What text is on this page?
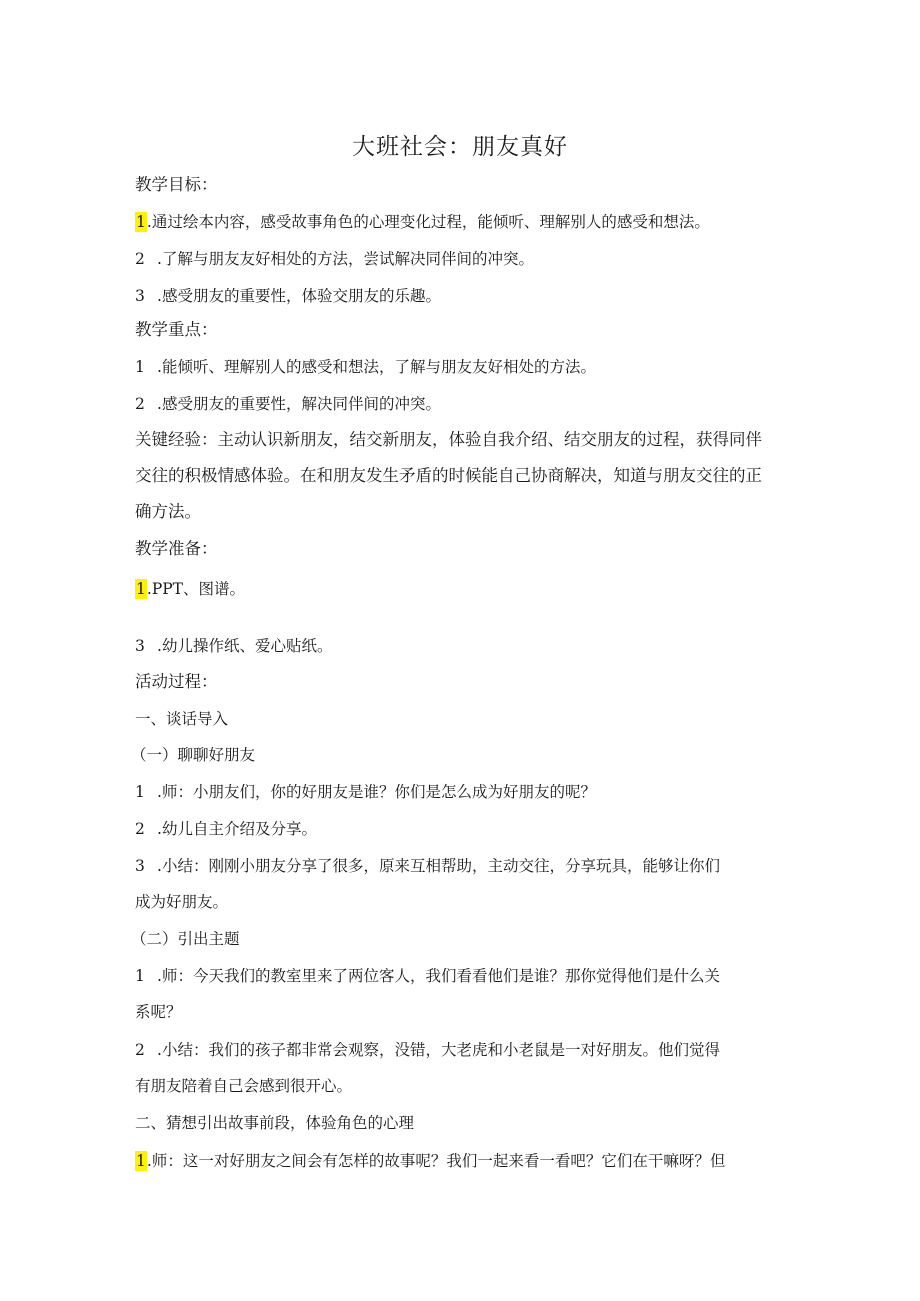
大班社会：朋友真好
教学目标：
1.通过绘本内容，感受故事角色的心理变化过程，能倾听、理解别人的感受和想法。
2 .了解与朋友友好相处的方法，尝试解决同伴间的冲突。
3 .感受朋友的重要性，体验交朋友的乐趣。
教学重点：
1 .能倾听、理解别人的感受和想法，了解与朋友友好相处的方法。
2 .感受朋友的重要性，解决同伴间的冲突。
关键经验：主动认识新朋友，结交新朋友，体验自我介绍、结交朋友的过程，获得同伴
交往的积极情感体验。在和朋友发生矛盾的时候能自己协商解决，知道与朋友交往的正
确方法。
教学准备：
1.PPT、图谱。
3 .幼儿操作纸、爱心贴纸。
活动过程：
一、谈话导入
（一）聊聊好朋友
1 .师：小朋友们，你的好朋友是谁？你们是怎么成为好朋友的呢？
2 .幼儿自主介绍及分享。
3 .小结：刚刚小朋友分享了很多，原来互相帮助，主动交往，分享玩具，能够让你们
成为好朋友。
（二）引出主题
1 .师：今天我们的教室里来了两位客人，我们看看他们是谁？那你觉得他们是什么关
系呢？
2 .小结：我们的孩子都非常会观察，没错，大老虎和小老鼠是一对好朋友。他们觉得
有朋友陪着自己会感到很开心。
二、猜想引出故事前段，体验角色的心理
1.师：这一对好朋友之间会有怎样的故事呢？我们一起来看一看吧？它们在干嘛呀？但
